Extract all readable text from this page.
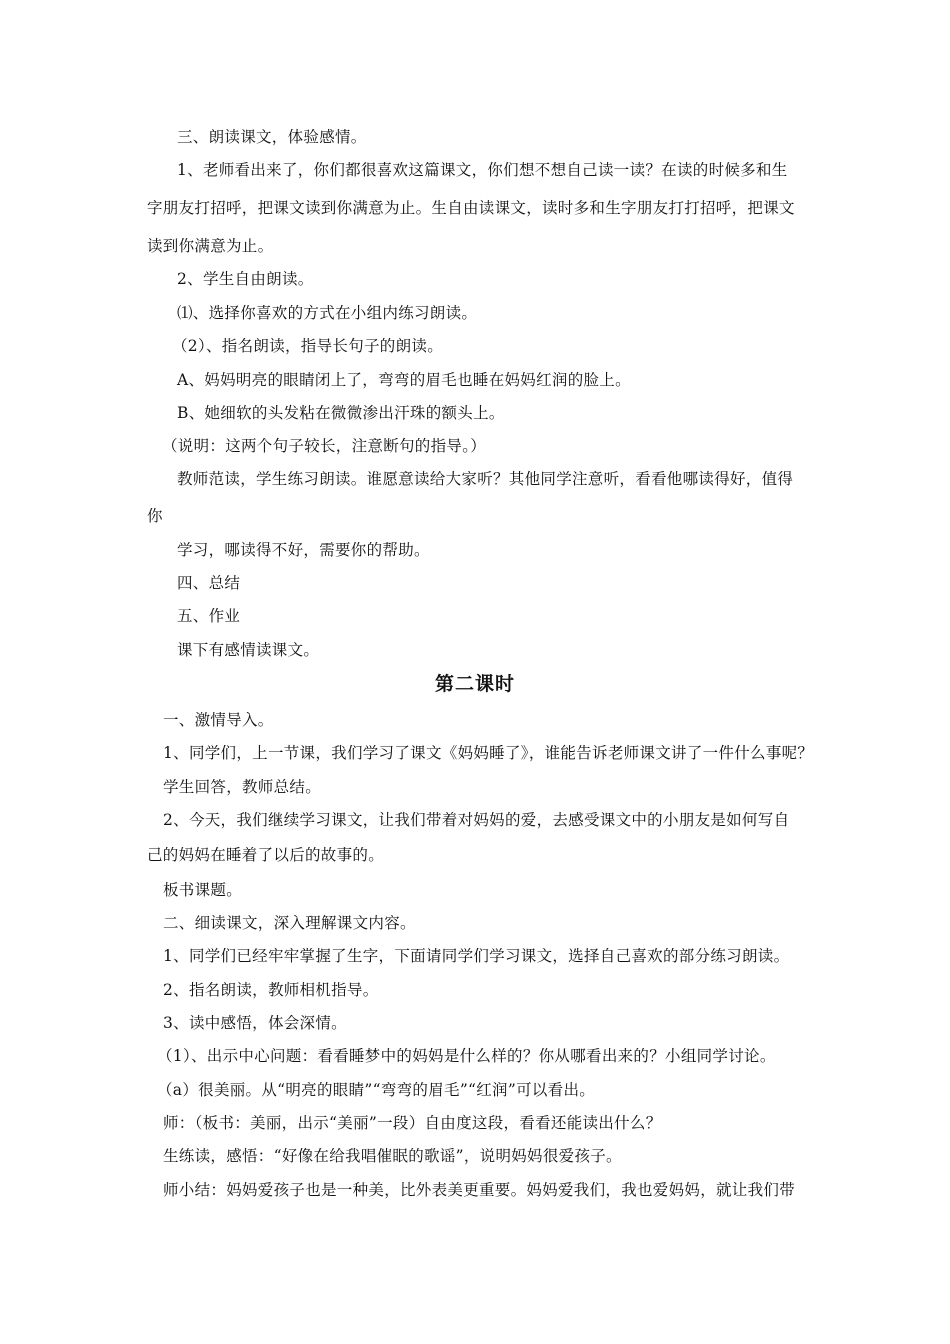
三、朗读课文，体验感情。
1、老师看出来了，你们都很喜欢这篇课文，你们想不想自己读一读？在读的时候多和生
字朋友打招呼，把课文读到你满意为止。生自由读课文，读时多和生字朋友打打招呼，把课文
读到你满意为止。
2、学生自由朗读。
⑴、选择你喜欢的方式在小组内练习朗读。
（2）、指名朗读，指导长句子的朗读。
A、妈妈明亮的眼睛闭上了，弯弯的眉毛也睡在妈妈红润的脸上。
B、她细软的头发粘在微微渗出汗珠的额头上。
（说明：这两个句子较长，注意断句的指导。）
教师范读，学生练习朗读。谁愿意读给大家听？其他同学注意听，看看他哪读得好，值得
你
学习，哪读得不好，需要你的帮助。
四、总结
五、作业
课下有感情读课文。
第二课时
一、激情导入。
1、同学们，上一节课，我们学习了课文《妈妈睡了》，谁能告诉老师课文讲了一件什么事呢？
学生回答，教师总结。
2、今天，我们继续学习课文，让我们带着对妈妈的爱，去感受课文中的小朋友是如何写自
己的妈妈在睡着了以后的故事的。
板书课题。
二、细读课文，深入理解课文内容。
1、同学们已经牢牢掌握了生字，下面请同学们学习课文，选择自己喜欢的部分练习朗读。
2、指名朗读，教师相机指导。
3、读中感悟，体会深情。
（1）、出示中心问题：看看睡梦中的妈妈是什么样的？你从哪看出来的？小组同学讨论。
（a）很美丽。从“明亮的眼睛”“弯弯的眉毛”“红润”可以看出。
师：（板书：美丽，出示“美丽”一段）自由度这段，看看还能读出什么？
生练读，感悟：“好像在给我唱催眠的歌谣”，说明妈妈很爱孩子。
师小结：妈妈爱孩子也是一种美，比外表美更重要。妈妈爱我们，我也爱妈妈，就让我们带
